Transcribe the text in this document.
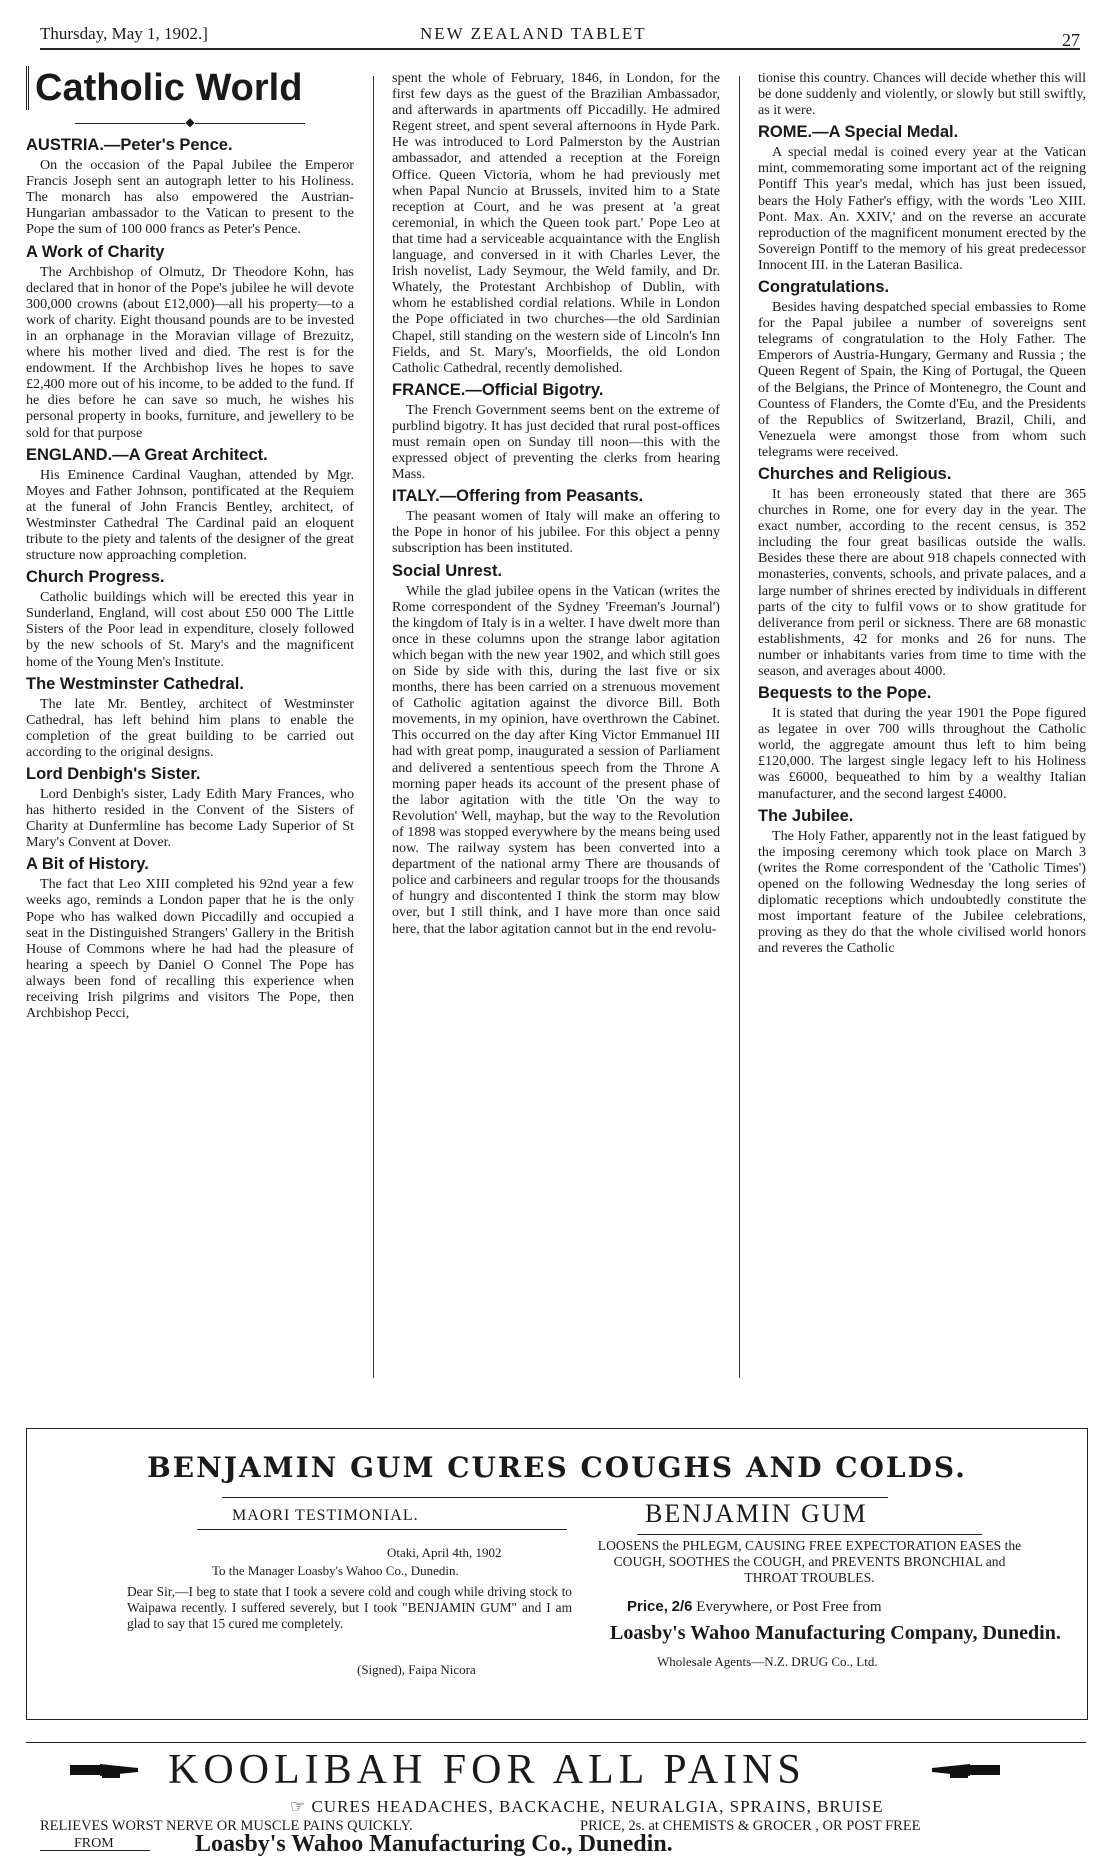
Thursday, May 1, 1902.]	NEW ZEALAND TABLET	27
Catholic World
◆
AUSTRIA.—Peter's Pence.

On the occasion of the Papal Jubilee the Emperor Francis Joseph sent an autograph letter to his Holiness. The monarch has also empowered the Austrian-Hungarian ambassador to the Vatican to present to the Pope the sum of 100 000 francs as Peter's Pence.

A Work of Charity

The Archbishop of Olmutz, Dr Theodore Kohn, has declared that in honor of the Pope's jubilee he will devote 300,000 crowns (about £12,000)—all his property—to a work of charity. Eight thousand pounds are to be invested in an orphanage in the Moravian village of Brezuitz, where his mother lived and died. The rest is for the endowment. If the Archbishop lives he hopes to save £2,400 more out of his income, to be added to the fund. If he dies before he can save so much, he wishes his personal property in books, furniture, and jewellery to be sold for that purpose

ENGLAND.—A Great Architect.

His Eminence Cardinal Vaughan, attended by Mgr. Moyes and Father Johnson, pontificated at the Requiem at the funeral of John Francis Bentley, architect, of Westminster Cathedral The Cardinal paid an eloquent tribute to the piety and talents of the designer of the great structure now approaching completion.

Church Progress.

Catholic buildings which will be erected this year in Sunderland, England, will cost about £50 000 The Little Sisters of the Poor lead in expenditure, closely followed by the new schools of St. Mary's and the magnificent home of the Young Men's Institute.

The Westminster Cathedral.

The late Mr. Bentley, architect of Westminster Cathedral, has left behind him plans to enable the completion of the great building to be carried out according to the original designs.

Lord Denbigh's Sister.

Lord Denbigh's sister, Lady Edith Mary Frances, who has hitherto resided in the Convent of the Sisters of Charity at Dunfermline has become Lady Superior of St Mary's Convent at Dover.

A Bit of History.

The fact that Leo XIII completed his 92nd year a few weeks ago, reminds a London paper that he is the only Pope who has walked down Piccadilly and occupied a seat in the Distinguished Strangers' Gallery in the British House of Commons where he had had the pleasure of hearing a speech by Daniel O Connel The Pope has always been fond of recalling this experience when receiving Irish pilgrims and visitors The Pope, then Archbishop Pecci,

spent the whole of February, 1846, in London, for the first few days as the guest of the Brazilian Ambassador, and afterwards in apartments off Piccadilly. He admired Regent street, and spent several afternoons in Hyde Park. He was introduced to Lord Palmerston by the Austrian ambassador, and attended a reception at the Foreign Office. Queen Victoria, whom he had previously met when Papal Nuncio at Brussels, invited him to a State reception at Court, and he was present at 'a great ceremonial, in which the Queen took part.' Pope Leo at that time had a serviceable acquaintance with the English language, and conversed in it with Charles Lever, the Irish novelist, Lady Seymour, the Weld family, and Dr. Whately, the Protestant Archbishop of Dublin, with whom he established cordial relations. While in London the Pope officiated in two churches—the old Sardinian Chapel, still standing on the western side of Lincoln's Inn Fields, and St. Mary's, Moorfields, the old London Catholic Cathedral, recently demolished.

FRANCE.—Official Bigotry.

The French Government seems bent on the extreme of purblind bigotry. It has just decided that rural post-offices must remain open on Sunday till noon—this with the expressed object of preventing the clerks from hearing Mass.

ITALY.—Offering from Peasants.

The peasant women of Italy will make an offering to the Pope in honor of his jubilee. For this object a penny subscription has been instituted.

Social Unrest.

While the glad jubilee opens in the Vatican (writes the Rome correspondent of the Sydney 'Freeman's Journal') the kingdom of Italy is in a welter. I have dwelt more than once in these columns upon the strange labor agitation which began with the new year 1902, and which still goes on Side by side with this, during the last five or six months, there has been carried on a strenuous movement of Catholic agitation against the divorce Bill. Both movements, in my opinion, have overthrown the Cabinet. This occurred on the day after King Victor Emmanuel III had with great pomp, inaugurated a session of Parliament and delivered a sententious speech from the Throne A morning paper heads its account of the present phase of the labor agitation with the title 'On the way to Revolution' Well, mayhap, but the way to the Revolution of 1898 was stopped everywhere by the means being used now. The railway system has been converted into a department of the national army There are thousands of police and carbineers and regular troops for the thousands of hungry and discontented I think the storm may blow over, but I still think, and I have more than once said here, that the labor agitation cannot but in the end revolu-

tionise this country. Chances will decide whether this will be done suddenly and violently, or slowly but still swiftly, as it were.

ROME.—A Special Medal.

A special medal is coined every year at the Vatican mint, commemorating some important act of the reigning Pontiff This year's medal, which has just been issued, bears the Holy Father's effigy, with the words 'Leo XIII. Pont. Max. An. XXIV,' and on the reverse an accurate reproduction of the magnificent monument erected by the Sovereign Pontiff to the memory of his great predecessor Innocent III. in the Lateran Basilica.

Congratulations.

Besides having despatched special embassies to Rome for the Papal jubilee a number of sovereigns sent telegrams of congratulation to the Holy Father. The Emperors of Austria-Hungary, Germany and Russia ; the Queen Regent of Spain, the King of Portugal, the Queen of the Belgians, the Prince of Montenegro, the Count and Countess of Flanders, the Comte d'Eu, and the Presidents of the Republics of Switzerland, Brazil, Chili, and Venezuela were amongst those from whom such telegrams were received.

Churches and Religious.

It has been erroneously stated that there are 365 churches in Rome, one for every day in the year. The exact number, according to the recent census, is 352 including the four great basilicas outside the walls. Besides these there are about 918 chapels connected with monasteries, convents, schools, and private palaces, and a large number of shrines erected by individuals in different parts of the city to fulfil vows or to show gratitude for deliverance from peril or sickness. There are 68 monastic establishments, 42 for monks and 26 for nuns. The number or inhabitants varies from time to time with the season, and averages about 4000.

Bequests to the Pope.

It is stated that during the year 1901 the Pope figured as legatee in over 700 wills throughout the Catholic world, the aggregate amount thus left to him being £120,000. The largest single legacy left to his Holiness was £6000, bequeathed to him by a wealthy Italian manufacturer, and the second largest £4000.

The Jubilee.

The Holy Father, apparently not in the least fatigued by the imposing ceremony which took place on March 3 (writes the Rome correspondent of the 'Catholic Times') opened on the following Wednesday the long series of diplomatic receptions which undoubtedly constitute the most important feature of the Jubilee celebrations, proving as they do that the whole civilised world honors and reveres the Catholic

BENJAMIN GUM CURES COUGHS AND COLDS.
MAORI TESTIMONIAL.
Otaki, April 4th, 1902
To the Manager Loasby's Wahoo Co., Dunedin.
Dear Sir,—I beg to state that I took a severe cold and cough while driving stock to Waipawa recently. I suffered severely, but I took "BENJAMIN GUM" and I am glad to say that 15 cured me completely.
(Signed), Faipa Nicora
BENJAMIN GUM
LOOSENS the PHLEGM, CAUSING FREE EXPECTORATION EASES the COUGH, SOOTHES the COUGH, and PREVENTS BRONCHIAL and THROAT TROUBLES.
Price, 2/6 Everywhere, or Post Free from
Loasby's Wahoo Manufacturing Company, Dunedin.
Wholesale Agents—N.Z. DRUG Co., Ltd.
KOOLIBAH FOR ALL PAINS
☞ CURES HEADACHES, BACKACHE, NEURALGIA, SPRAINS, BRUISE
RELIEVES WORST NERVE OR MUSCLE PAINS QUICKLY.	PRICE, 2s. at CHEMISTS & GROCER , OR POST FREE
FROM	Loasby's Wahoo Manufacturing Co., Dunedin.
